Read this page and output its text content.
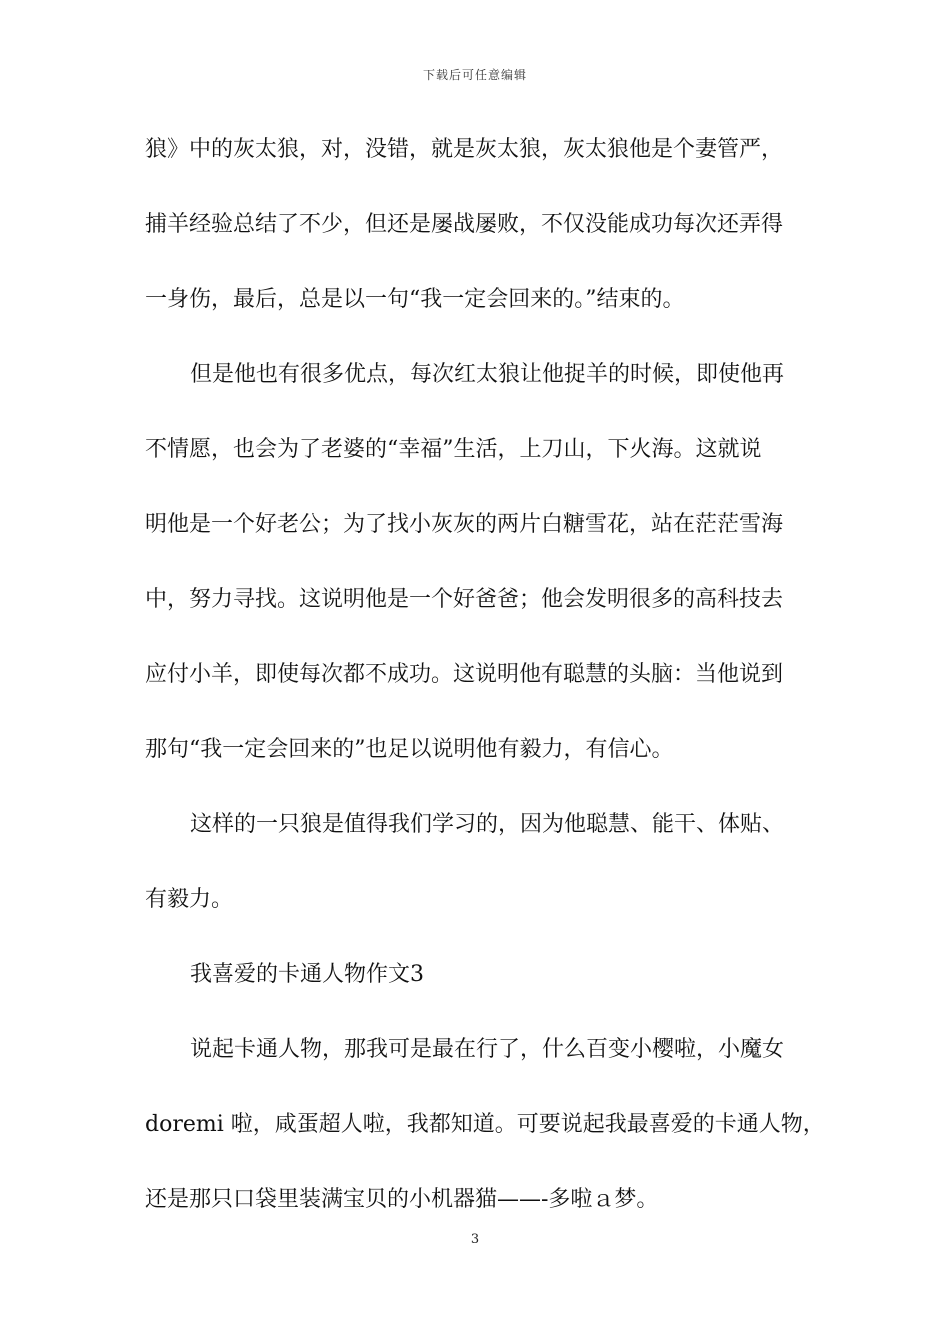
下载后可任意编辑
狼》中的灰太狼，对，没错，就是灰太狼，灰太狼他是个妻管严，
捕羊经验总结了不少，但还是屡战屡败，不仅没能成功每次还弄得
一身伤，最后，总是以一句“我一定会回来的。”结束的。
但是他也有很多优点，每次红太狼让他捉羊的时候，即使他再
不情愿，也会为了老婆的“幸福”生活，上刀山，下火海。这就说
明他是一个好老公；为了找小灰灰的两片白糖雪花，站在茫茫雪海
中，努力寻找。这说明他是一个好爸爸；他会发明很多的高科技去
应付小羊，即使每次都不成功。这说明他有聪慧的头脑：当他说到
那句“我一定会回来的”也足以说明他有毅力，有信心。
这样的一只狼是值得我们学习的，因为他聪慧、能干、体贴、
有毅力。
我喜爱的卡通人物作文3
说起卡通人物，那我可是最在行了，什么百变小樱啦，小魔女
doremi 啦，咸蛋超人啦，我都知道。可要说起我最喜爱的卡通人物，
还是那只口袋里装满宝贝的小机器猫——-多啦ａ梦。
3
